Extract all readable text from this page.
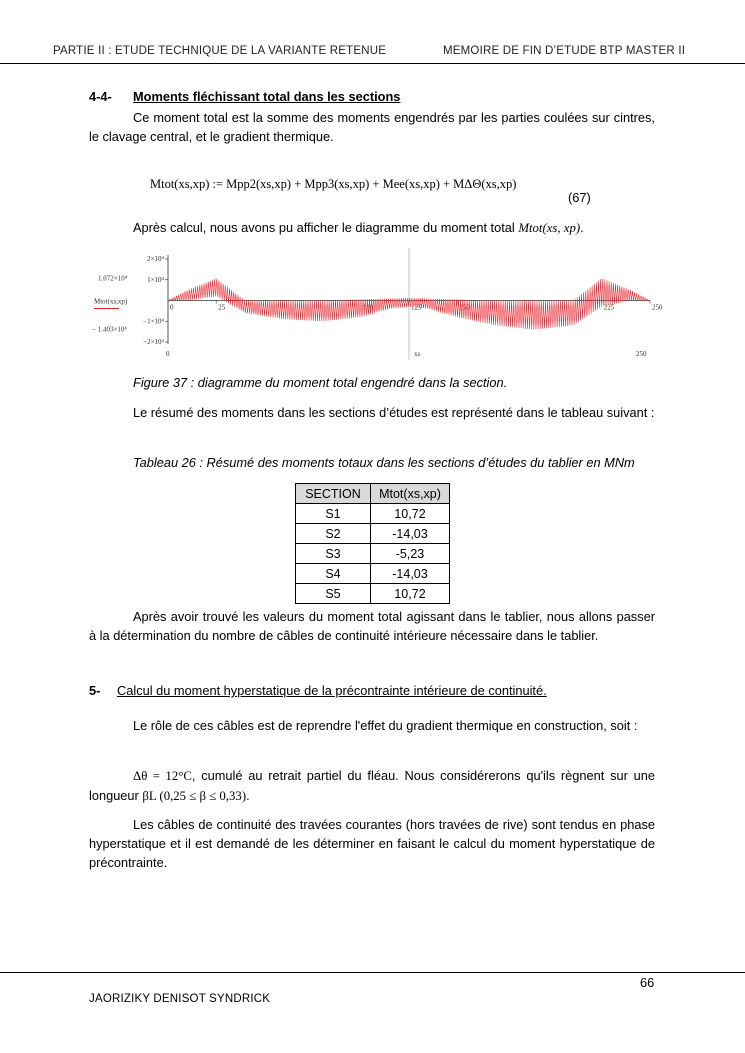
PARTIE II : ETUDE TECHNIQUE DE LA VARIANTE RETENUE	MEMOIRE DE FIN D’ETUDE BTP MASTER II
4-4- Moments fléchissant total dans les sections
Ce moment total est la somme des moments engendrés par les parties coulées sur cintres, le clavage central, et le gradient thermique.
Mtot(xs,xp) := Mpp2(xs,xp) + Mpp3(xs,xp) + Mee(xs,xp) + MΔΘ(xs,xp)
(67)
Après calcul, nous avons pu afficher le diagramme du moment total Mtot(xs, xp).
2×10⁴
1×10⁴
−1×10⁴
−2×10⁴
0	25	100	125	150	225	250
0	xs	250
1.072×10⁴
− 1.403×10⁴
Mtot(xs,xp)
Figure 37 : diagramme du moment total engendré dans la section.
Le résumé des moments dans les sections d’études est représenté dans le tableau suivant :
Tableau 26 : Résumé des moments totaux dans les sections d’études du tablier en MNm
SECTION	Mtot(xs,xp)
S1	10,72
S2	-14,03
S3	-5,23
S4	-14,03
S5	10,72
Après avoir trouvé les valeurs du moment total agissant dans le tablier, nous allons passer à la détermination du nombre de câbles de continuité intérieure nécessaire dans le tablier.
5- Calcul du moment hyperstatique de la précontrainte intérieure de continuité.
Le rôle de ces câbles est de reprendre l'effet du gradient thermique en construction, soit :
Δθ = 12°C, cumulé au retrait partiel du fléau. Nous considérerons qu'ils règnent sur une longueur βL (0,25 ≤ β ≤ 0,33).
Les câbles de continuité des travées courantes (hors travées de rive) sont tendus en phase hyperstatique et il est demandé de les déterminer en faisant le calcul du moment hyperstatique de précontrainte.
66
JAORIZIKY DENISOT SYNDRICK
